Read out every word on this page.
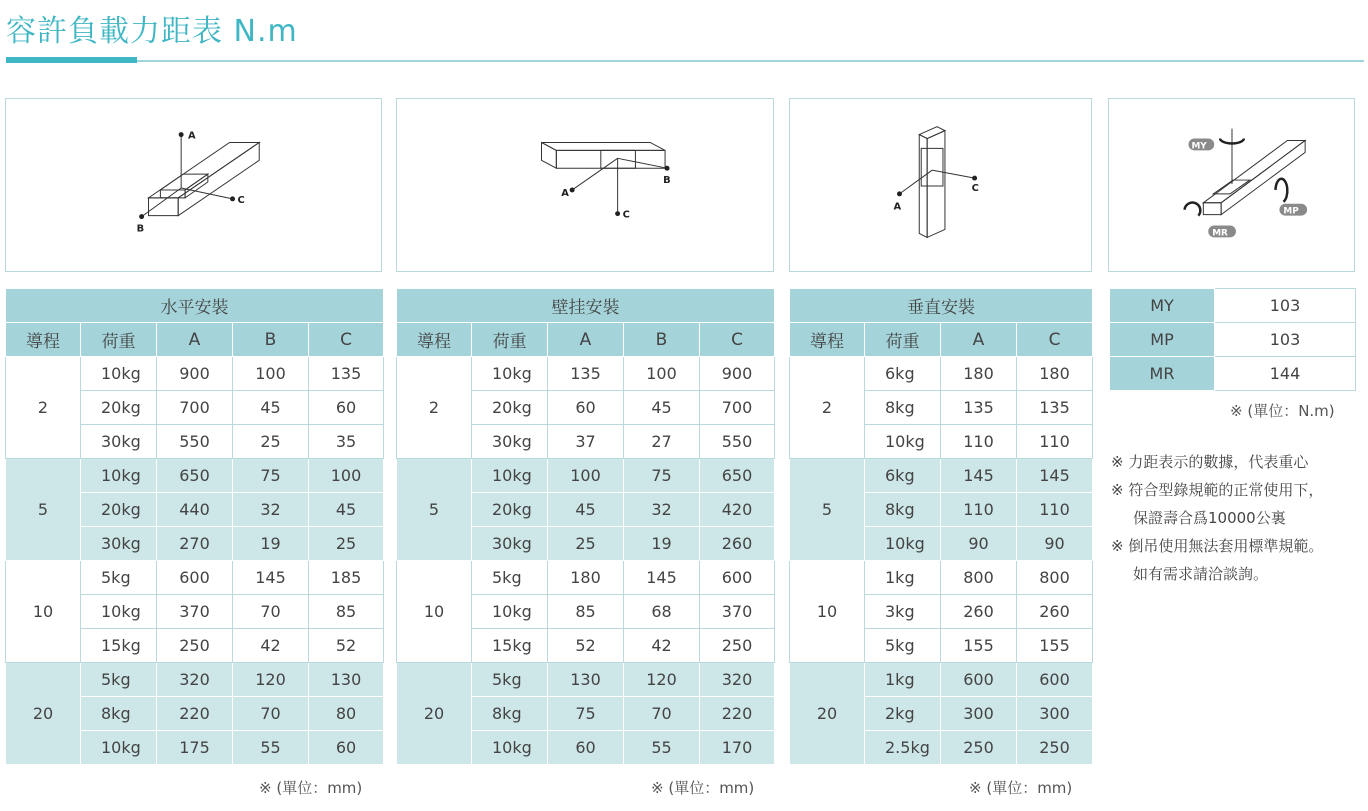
容許負載力距表 N.m
A
B
C
A
B
C
A
C
MY
MP
MR
水平安裝				
導程	荷重	A	B	C
2	10kg	900	100	135
	20kg	700	45	60
	30kg	550	25	35
5	10kg	650	75	100
	20kg	440	32	45
	30kg	270	19	25
10	5kg	600	145	185
	10kg	370	70	85
	15kg	250	42	52
20	5kg	320	120	130
	8kg	220	70	80
	10kg	175	55	60
壁挂安裝				
導程	荷重	A	B	C
2	10kg	135	100	900
	20kg	60	45	700
	30kg	37	27	550
5	10kg	100	75	650
	20kg	45	32	420
	30kg	25	19	260
10	5kg	180	145	600
	10kg	85	68	370
	15kg	52	42	250
20	5kg	130	120	320
	8kg	75	70	220
	10kg	60	55	170
垂直安裝			
導程	荷重	A	C
2	6kg	180	180
	8kg	135	135
	10kg	110	110
5	6kg	145	145
	8kg	110	110
	10kg	90	90
10	1kg	800	800
	3kg	260	260
	5kg	155	155
20	1kg	600	600
	2kg	300	300
	2.5kg	250	250
※ (單位：mm)	※ (單位：mm)	※ (單位：mm)
MY	103
MP	103
MR	144
※ (單位：N.m)
※ 力距表示的數據，代表重心
※ 符合型錄規範的正常使用下，
保證壽合爲10000公裏
※ 倒吊使用無法套用標準規範。
如有需求請洽談詢。
